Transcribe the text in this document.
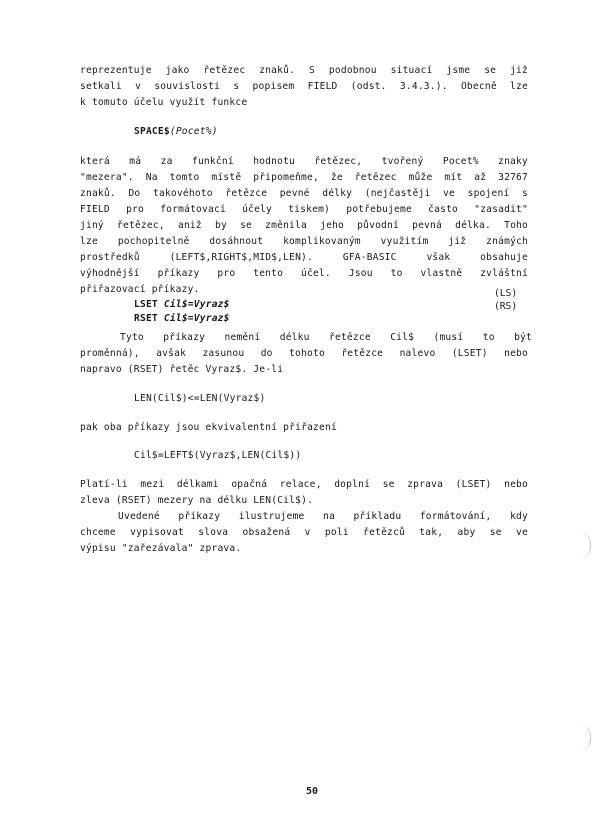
reprezentuje jako řetězec znaků. S podobnou situací jsme se již
setkali v souvislosti s popisem FIELD (odst. 3.4.3.). Obecně lze
k tomuto účelu využít funkce
SPACE$(Pocet%)
která má za funkční hodnotu řetězec, tvořený Pocet% znaky
"mezera". Na tomto místě připomeňme, že řetězec může mít až 32767
znaků. Do takovéhoto řetězce pevné délky (nejčastěji ve spojení s
FIELD pro formátovací účely tiskem) potřebujeme často "zasadit"
jiný řetězec, aniž by se změnila jeho původní pevná délka. Toho
lze pochopitelně dosáhnout komplikovaným využitím již známých
prostředků (LEFT$,RIGHT$,MID$,LEN). GFA-BASIC však obsahuje
výhodnější příkazy pro tento účel. Jsou to vlastně zvláštní
přiřazovací příkazy.
LSET Cil$=Vyraz$
(LS)
RSET Cil$=Vyraz$
(RS)
Tyto příkazy nemění délku řetězce Cil$ (musí to být
proměnná), avšak zasunou do tohoto řetězce nalevo (LSET) nebo
napravo (RSET) řetěc Vyraz$. Je-li
LEN(Cil$)<=LEN(Vyraz$)
pak oba příkazy jsou ekvivalentní přiřazení
Cil$=LEFT$(Vyraz$,LEN(Cil$))
Platí-li mezi délkami opačná relace, doplní se zprava (LSET) nebo
zleva (RSET) mezery na délku LEN(Cil$).
Uvedené příkazy ilustrujeme na příkladu formátování, kdy
chceme vypisovat slova obsažená v poli řetězců tak, aby se ve
výpisu "zařezávala" zprava.
50
